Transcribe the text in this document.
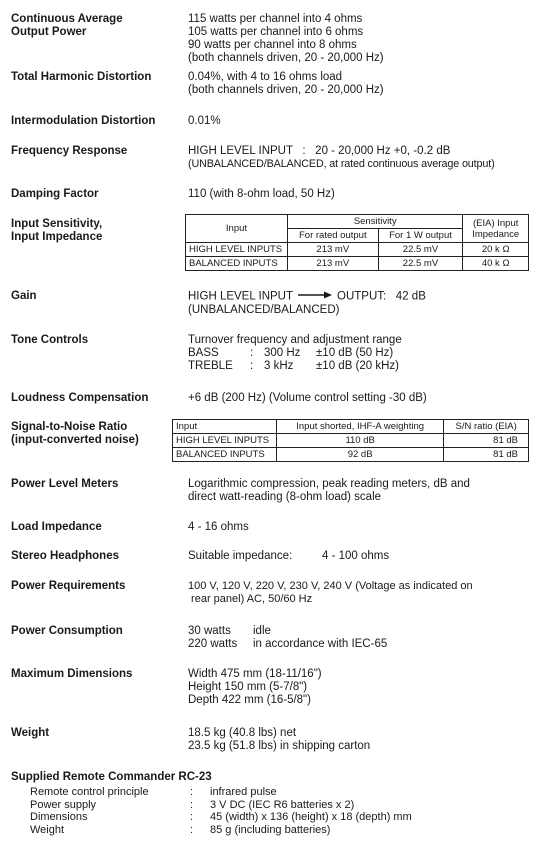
Continuous Average
Output Power
115 watts per channel into 4 ohms
105 watts per channel into 6 ohms
90 watts per channel into 8 ohms
(both channels driven, 20 - 20,000 Hz)
Total Harmonic Distortion	0.04%, with 4 to 16 ohms load
(both channels driven, 20 - 20,000 Hz)
Intermodulation Distortion	0.01%
Frequency Response	HIGH LEVEL INPUT   :   20 - 20,000 Hz +0, -0.2 dB
(UNBALANCED/BALANCED, at rated continuous average output)
Damping Factor	110 (with 8-ohm load, 50 Hz)
Input Sensitivity,
Input Impedance
Input	Sensitivity		(EIA) Input
Impedance

	For rated output	For 1 W output	
HIGH LEVEL INPUTS	213 mV	22.5 mV	20 k Ω
BALANCED INPUTS	213 mV	22.5 mV	40 k Ω
Gain	HIGH LEVEL INPUT	OUTPUT:   42 dB
(UNBALANCED/BALANCED)
Tone Controls	Turnover frequency and adjustment range
BASS	: 300 Hz ±10 dB (50 Hz)
TREBLE : 3 kHz ±10 dB (20 kHz)
Loudness Compensation	+6 dB (200 Hz) (Volume control setting -30 dB)
Signal-to-Noise Ratio
(input-converted noise)
Input	Input shorted, IHF-A weighting	S/N ratio (EIA)
HIGH LEVEL INPUTS	110 dB	81 dB
BALANCED INPUTS	92 dB	81 dB
Power Level Meters	Logarithmic compression, peak reading meters, dB and
direct watt-reading (8-ohm load) scale
Load Impedance	4 - 16 ohms
Stereo Headphones	Suitable impedance:	4 - 100 ohms
Power Requirements	100 V, 120 V, 220 V, 230 V, 240 V (Voltage as indicated on
rear panel) AC, 50/60 Hz
Power Consumption	30 watts idle
220 watts in accordance with IEC-65
Maximum Dimensions	Width 475 mm (18-11/16")
Height 150 mm (5-7/8")
Depth 422 mm (16-5/8")
Weight	18.5 kg (40.8 lbs) net
23.5 kg (51.8 lbs) in shipping carton
Supplied Remote Commander RC-23
Remote control principle	: infrared pulse
Power supply	: 3 V DC (IEC R6 batteries x 2)
Dimensions	: 45 (width) x 136 (height) x 18 (depth) mm
Weight	: 85 g (including batteries)
